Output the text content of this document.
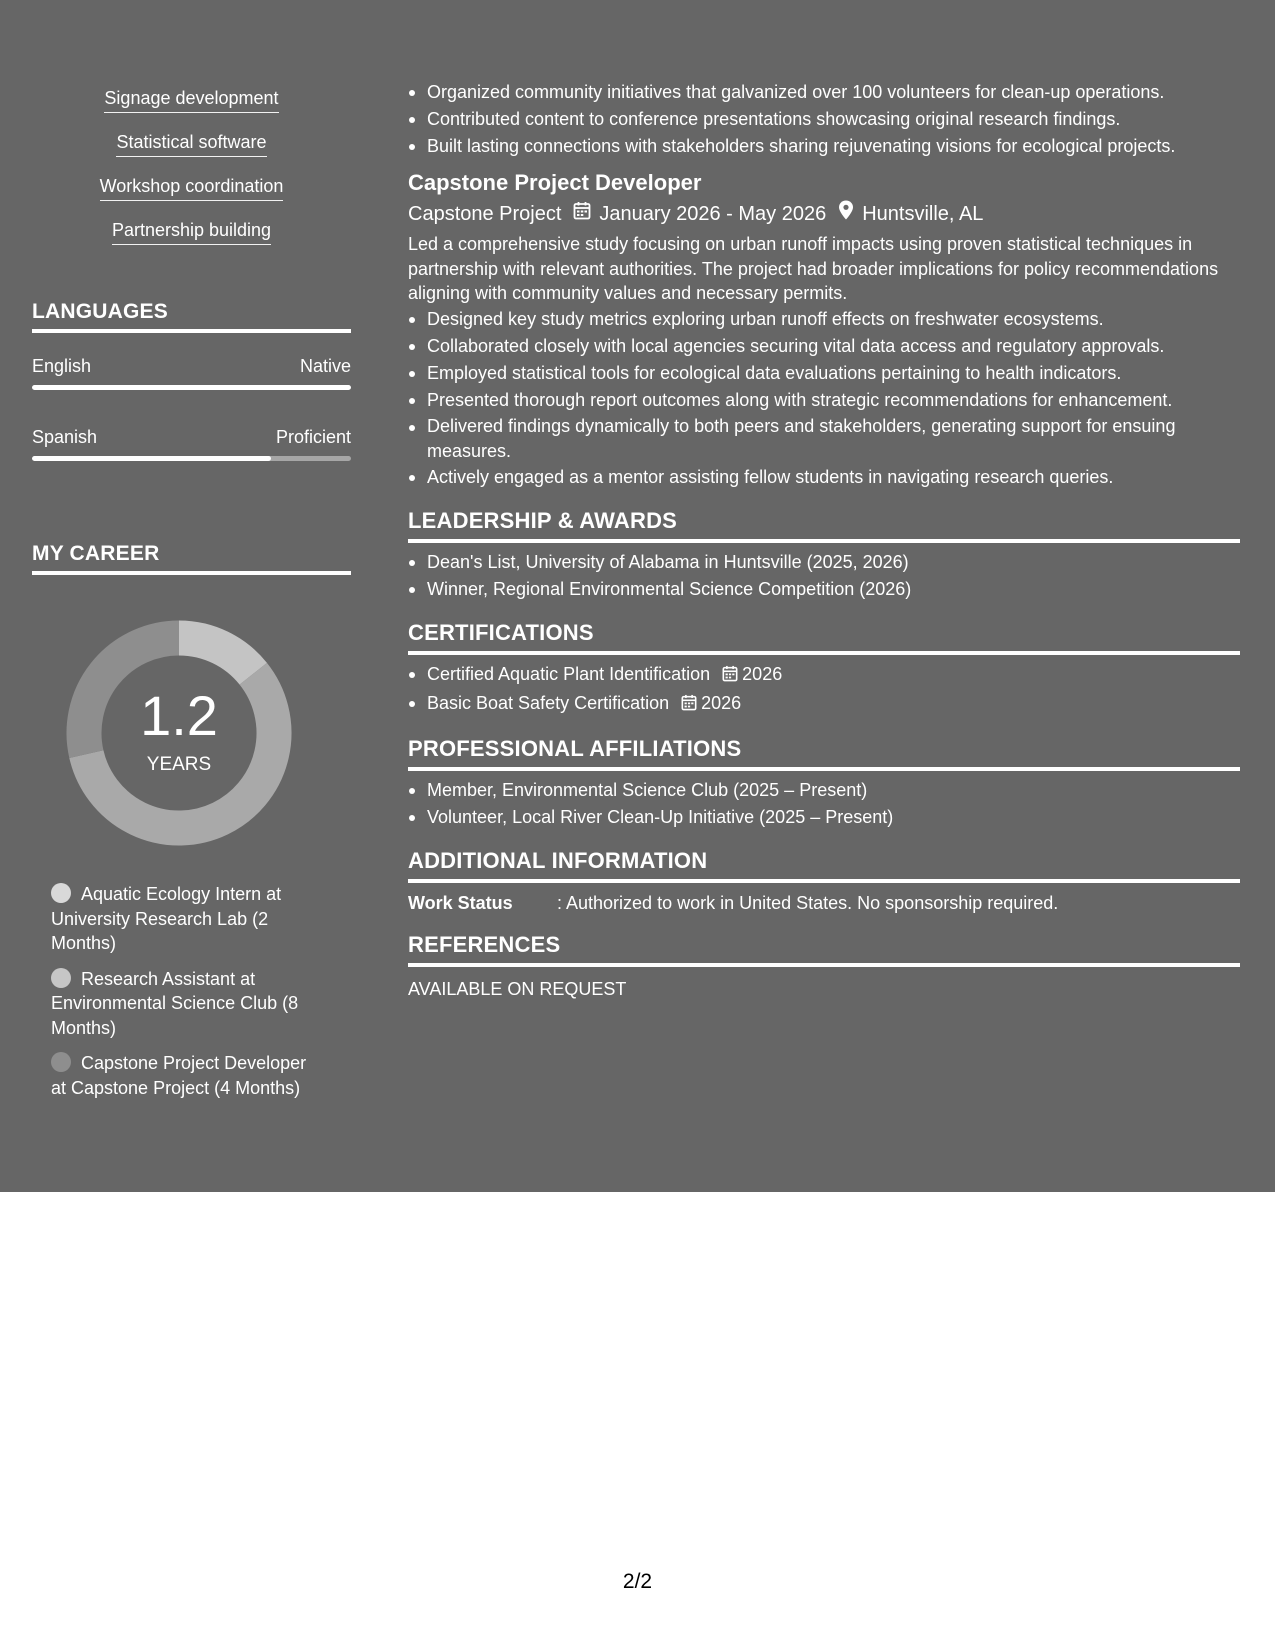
Signage development
Statistical software
Workshop coordination
Partnership building
LANGUAGES
English	Native
Spanish	Proficient
MY CAREER
1.2
YEARS
Aquatic Ecology Intern at University Research Lab (2 Months)
Research Assistant at Environmental Science Club (8 Months)
Capstone Project Developer at Capstone Project (4 Months)
Organized community initiatives that galvanized over 100 volunteers for clean-up operations.
Contributed content to conference presentations showcasing original research findings.
Built lasting connections with stakeholders sharing rejuvenating visions for ecological projects.
Capstone Project Developer
Capstone Project January 2026 - May 2026 Huntsville, AL
Led a comprehensive study focusing on urban runoff impacts using proven statistical techniques in partnership with relevant authorities. The project had broader implications for policy recommendations aligning with community values and necessary permits.
Designed key study metrics exploring urban runoff effects on freshwater ecosystems.
Collaborated closely with local agencies securing vital data access and regulatory approvals.
Employed statistical tools for ecological data evaluations pertaining to health indicators.
Presented thorough report outcomes along with strategic recommendations for enhancement.
Delivered findings dynamically to both peers and stakeholders, generating support for ensuing measures.
Actively engaged as a mentor assisting fellow students in navigating research queries.
LEADERSHIP & AWARDS
Dean's List, University of Alabama in Huntsville (2025, 2026)
Winner, Regional Environmental Science Competition (2026)
CERTIFICATIONS
Certified Aquatic Plant Identification 2026
Basic Boat Safety Certification 2026
PROFESSIONAL AFFILIATIONS
Member, Environmental Science Club (2025 – Present)
Volunteer, Local River Clean-Up Initiative (2025 – Present)
ADDITIONAL INFORMATION
Work Status	: Authorized to work in United States. No sponsorship required.
REFERENCES
AVAILABLE ON REQUEST
2/2
